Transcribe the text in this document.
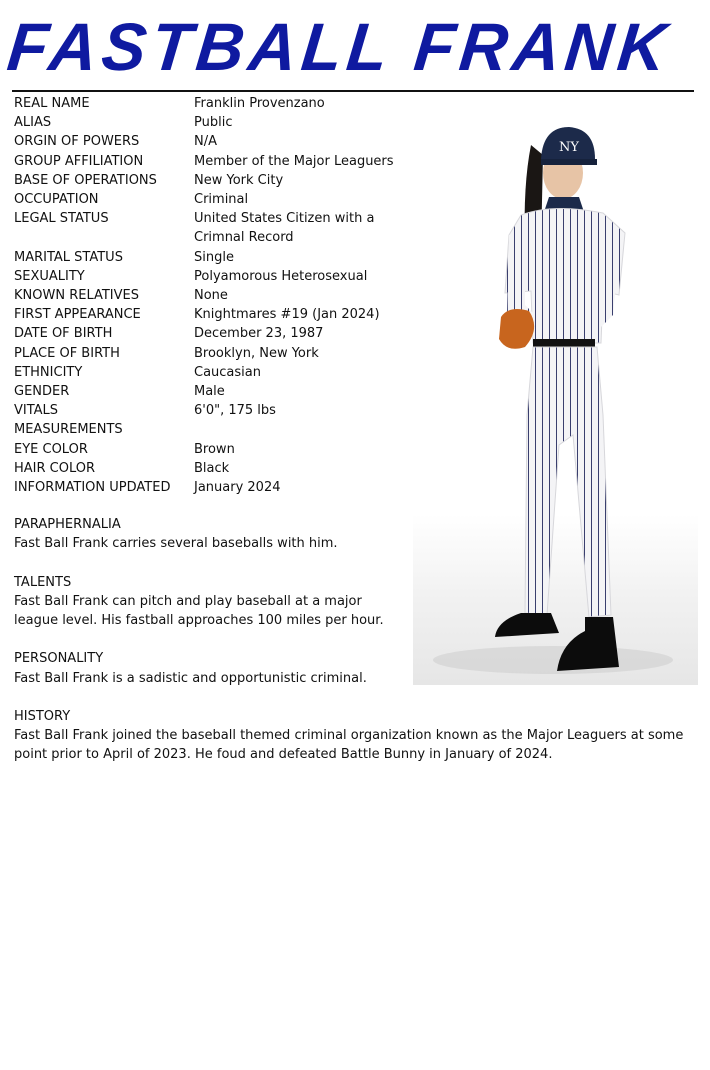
FASTBALL FRANK
REAL NAME	Franklin Provenzano
ALIAS	Public
ORGIN OF POWERS	N/A
GROUP AFFILIATION	Member of the Major Leaguers
BASE OF OPERATIONS	New York City
OCCUPATION	Criminal
LEGAL STATUS	United States Citizen with a Crimnal Record
MARITAL STATUS	Single
SEXUALITY	Polyamorous Heterosexual
KNOWN RELATIVES	None
FIRST APPEARANCE	Knightmares #19 (Jan 2024)
DATE OF BIRTH	December 23, 1987
PLACE OF BIRTH	Brooklyn, New York
ETHNICITY	Caucasian
GENDER	Male
VITALS	6'0", 175 lbs
MEASUREMENTS
EYE COLOR	Brown
HAIR COLOR	Black
INFORMATION UPDATED	January 2024
PARAPHERNALIA
Fast Ball Frank carries several baseballs with him.
TALENTS
Fast Ball Frank can pitch and play baseball at a major league level. His fastball approaches 100 miles per hour.
PERSONALITY
Fast Ball Frank is a sadistic and opportunistic criminal.
HISTORY
Fast Ball Frank joined the baseball themed criminal organization known as the Major Leaguers at some point prior to April of 2023. He foud and defeated Battle Bunny in January of 2024.
NY
